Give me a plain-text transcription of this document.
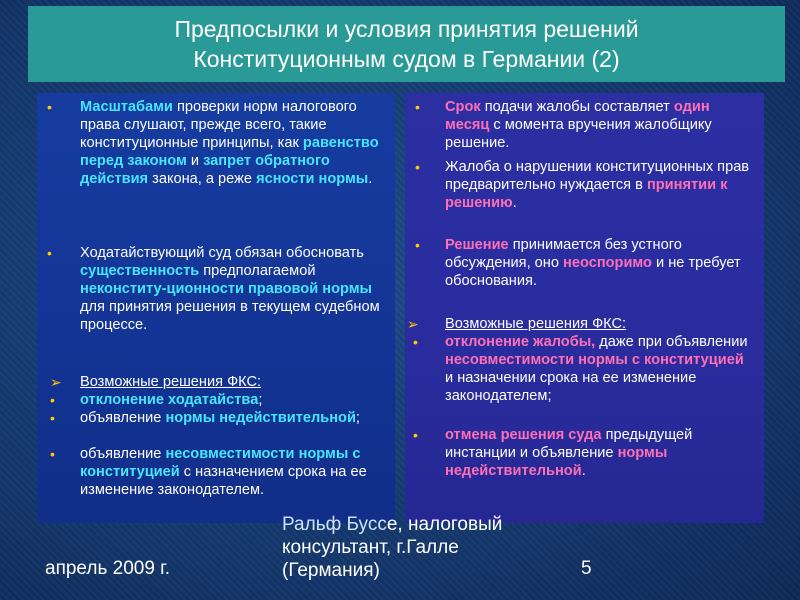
Предпосылки и условия принятия решений
Конституционным судом в Германии (2)
• Масштабами проверки норм налогового права слушают, прежде всего, такие конституционные принципы, как равенство перед законом и запрет обратного действия закона, а реже ясности нормы.
• Ходатайствующий суд обязан обосновать существенность предполагаемой неконститу-ционности правовой нормы для принятия решения в текущем судебном процессе.
➢ Возможные решения ФКС:
• отклонение ходатайства;
• объявление нормы недействительной;
• объявление несовместимости нормы с конституцией с назначением срока на ее изменение законодателем.
• Срок подачи жалобы составляет один месяц с момента вручения жалобщику решение.
• Жалоба о нарушении конституционных прав предварительно нуждается в принятии к решению.
• Решение принимается без устного обсуждения, оно неоспоримо и не требует обоснования.
➢ Возможные решения ФКС:
• отклонение жалобы, даже при объявлении несовместимости нормы с конституцией и назначении срока на ее изменение законодателем;
• отмена решения суда предыдущей инстанции и объявление нормы недействительной.
апрель 2009 г.
Ральф Буссе, налоговый консультант, г.Галле (Германия)	5
